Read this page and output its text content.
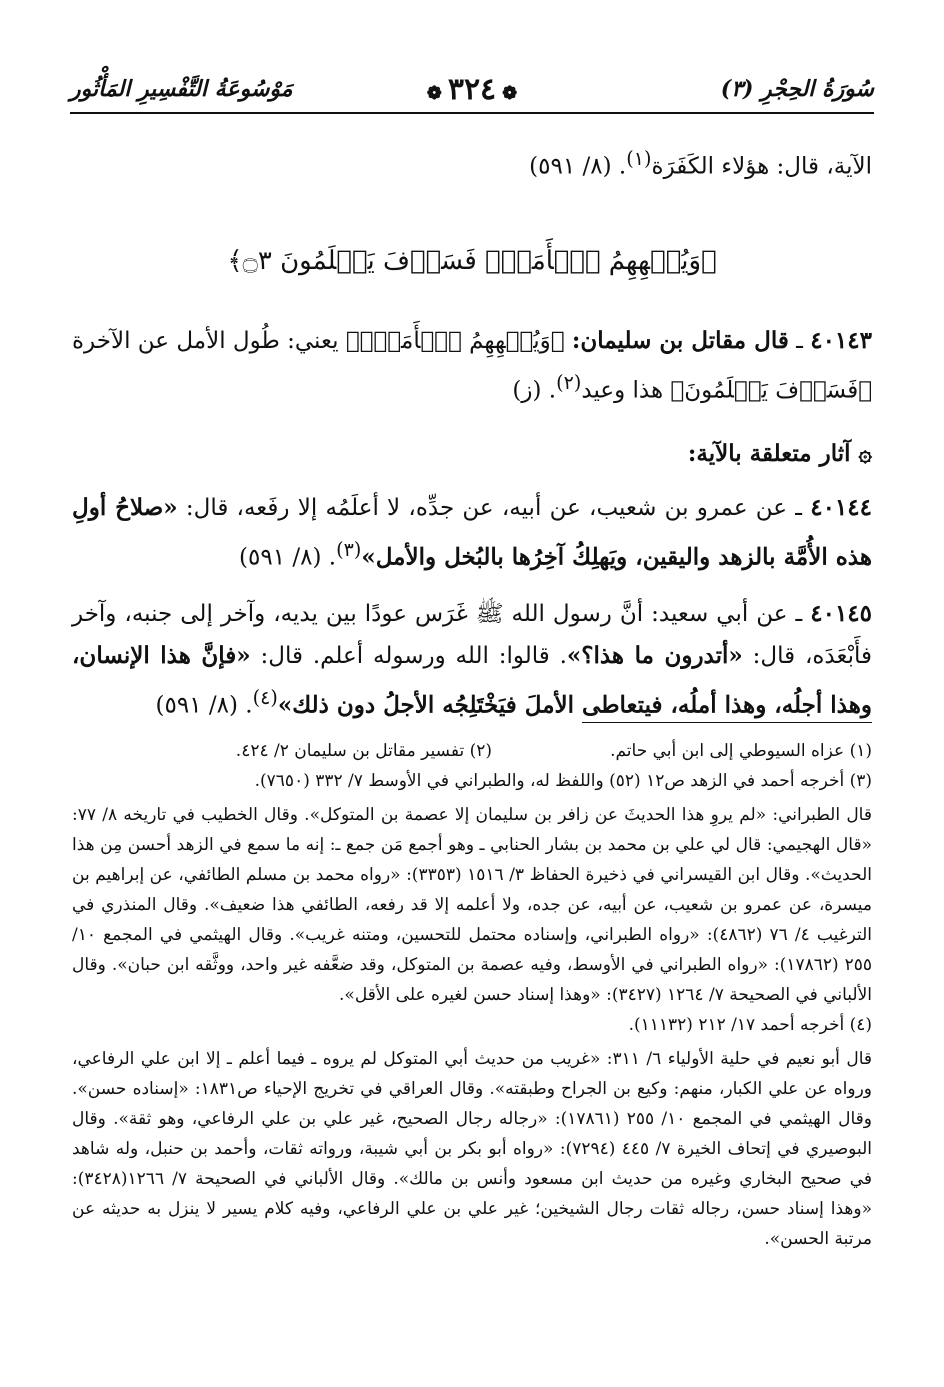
سُورَةُ الحِجْرِ (٣)
❁٣٢٤❁
مَوْسُوعَةُ التَّفْسِيرِ المَأْثُور

الآية، قال: هؤلاء الكَفَرَة$^{(١)}$. (٨/ ٥٩١)

﴿وَيُلۡهِهِمُ ٱلۡأَمَلُۖ فَسَوۡفَ يَعۡلَمُونَ ۝٣﴾

٤٠١٤٣ ـ قال مقاتل بن سليمان: ﴿وَيُلۡهِهِمُ ٱلۡأَمَلُۖ﴾ يعني: طُول الأمل عن الآخرة ﴿فَسَوۡفَ يَعۡلَمُونَ﴾ هذا وعيد$^{(٢)}$. (ز)

۞ آثار متعلقة بالآية:

٤٠١٤٤ ـ عن عمرو بن شعيب، عن أبيه، عن جدِّه، لا أعلَمُه إلا رفَعه، قال: «صلاحُ أولِ هذه الأُمَّة بالزهد واليقين، ويَهلِكُ آخِرُها بالبُخل والأمل»$^{(٣)}$. (٨/ ٥٩١)

٤٠١٤٥ ـ عن أبي سعيد: أنَّ رسول الله ﷺ غَرَس عودًا بين يديه، وآخر إلى جنبه، وآخر فأَبْعَدَه، قال: «أتدرون ما هذا؟». قالوا: الله ورسوله أعلم. قال: «فإنَّ هذا الإنسان، وهذا أجلُه، وهذا أملُه، فيتعاطى الأملَ فيَخْتَلِجُه الأجلُ دون ذلك»$^{(٤)}$. (٨/ ٥٩١)

(١) عزاه السيوطي إلى ابن أبي حاتم.
(٢) تفسير مقاتل بن سليمان ٢/ ٤٢٤.

(٣) أخرجه أحمد في الزهد ص١٢ (٥٢) واللفظ له، والطبراني في الأوسط ٧/ ٣٣٢ (٧٦٥٠).

قال الطبراني: «لم يروِ هذا الحديثَ عن زافر بن سليمان إلا عصمة بن المتوكل». وقال الخطيب في تاريخه ٨/ ٧٧: «قال الهجيمي: قال لي علي بن محمد بن بشار الحنابي ـ وهو أجمع مَن جمع ـ: إنه ما سمع في الزهد أحسن مِن هذا الحديث». وقال ابن القيسراني في ذخيرة الحفاظ ٣/ ١٥١٦ (٣٣٥٣): «رواه محمد بن مسلم الطائفي، عن إبراهيم بن ميسرة، عن عمرو بن شعيب، عن أبيه، عن جده، ولا أعلمه إلا قد رفعه، الطائفي هذا ضعيف». وقال المنذري في الترغيب ٤/ ٧٦ (٤٨٦٢): «رواه الطبراني، وإسناده محتمل للتحسين، ومتنه غريب». وقال الهيثمي في المجمع ١٠/ ٢٥٥ (١٧٨٦٢): «رواه الطبراني في الأوسط، وفيه عصمة بن المتوكل، وقد ضعَّفه غير واحد، ووثَّقه ابن حبان». وقال الألباني في الصحيحة ٧/ ١٢٦٤ (٣٤٢٧): «وهذا إسناد حسن لغيره على الأقل».

(٤) أخرجه أحمد ١٧/ ٢١٢ (١١١٣٢).

قال أبو نعيم في حلية الأولياء ٦/ ٣١١: «غريب من حديث أبي المتوكل لم يروه ـ فيما أعلم ـ إلا ابن علي الرفاعي، ورواه عن علي الكبار، منهم: وكيع بن الجراح وطبقته». وقال العراقي في تخريج الإحياء ص١٨٣١: «إسناده حسن». وقال الهيثمي في المجمع ١٠/ ٢٥٥ (١٧٨٦١): «رجاله رجال الصحيح، غير علي بن علي الرفاعي، وهو ثقة». وقال البوصيري في إتحاف الخيرة ٧/ ٤٤٥ (٧٢٩٤): «رواه أبو بكر بن أبي شيبة، ورواته ثقات، وأحمد بن حنبل، وله شاهد في صحيح البخاري وغيره من حديث ابن مسعود وأنس بن مالك». وقال الألباني في الصحيحة ٧/ ١٢٦٦(٣٤٢٨): «وهذا إسناد حسن، رجاله ثقات رجال الشيخين؛ غير علي بن علي الرفاعي، وفيه كلام يسير لا ينزل به حديثه عن مرتبة الحسن».
